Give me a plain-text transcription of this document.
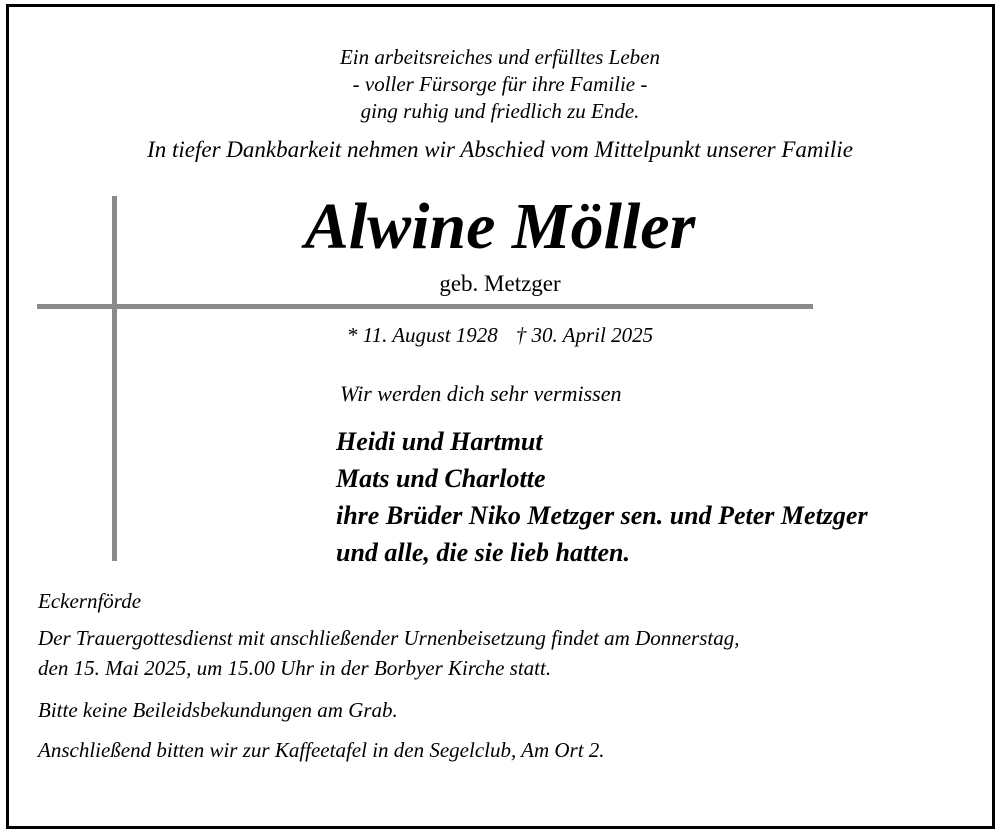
Ein arbeitsreiches und erfülltes Leben
- voller Fürsorge für ihre Familie -
ging ruhig und friedlich zu Ende.
In tiefer Dankbarkeit nehmen wir Abschied vom Mittelpunkt unserer Familie
Alwine Möller
geb. Metzger
* 11. August 1928 † 30. April 2025
Wir werden dich sehr vermissen
Heidi und Hartmut
Mats und Charlotte
ihre Brüder Niko Metzger sen. und Peter Metzger
und alle, die sie lieb hatten.
Eckernförde
Der Trauergottesdienst mit anschließender Urnenbeisetzung findet am Donnerstag,
den 15. Mai 2025, um 15.00 Uhr in der Borbyer Kirche statt.
Bitte keine Beileidsbekundungen am Grab.
Anschließend bitten wir zur Kaffeetafel in den Segelclub, Am Ort 2.
